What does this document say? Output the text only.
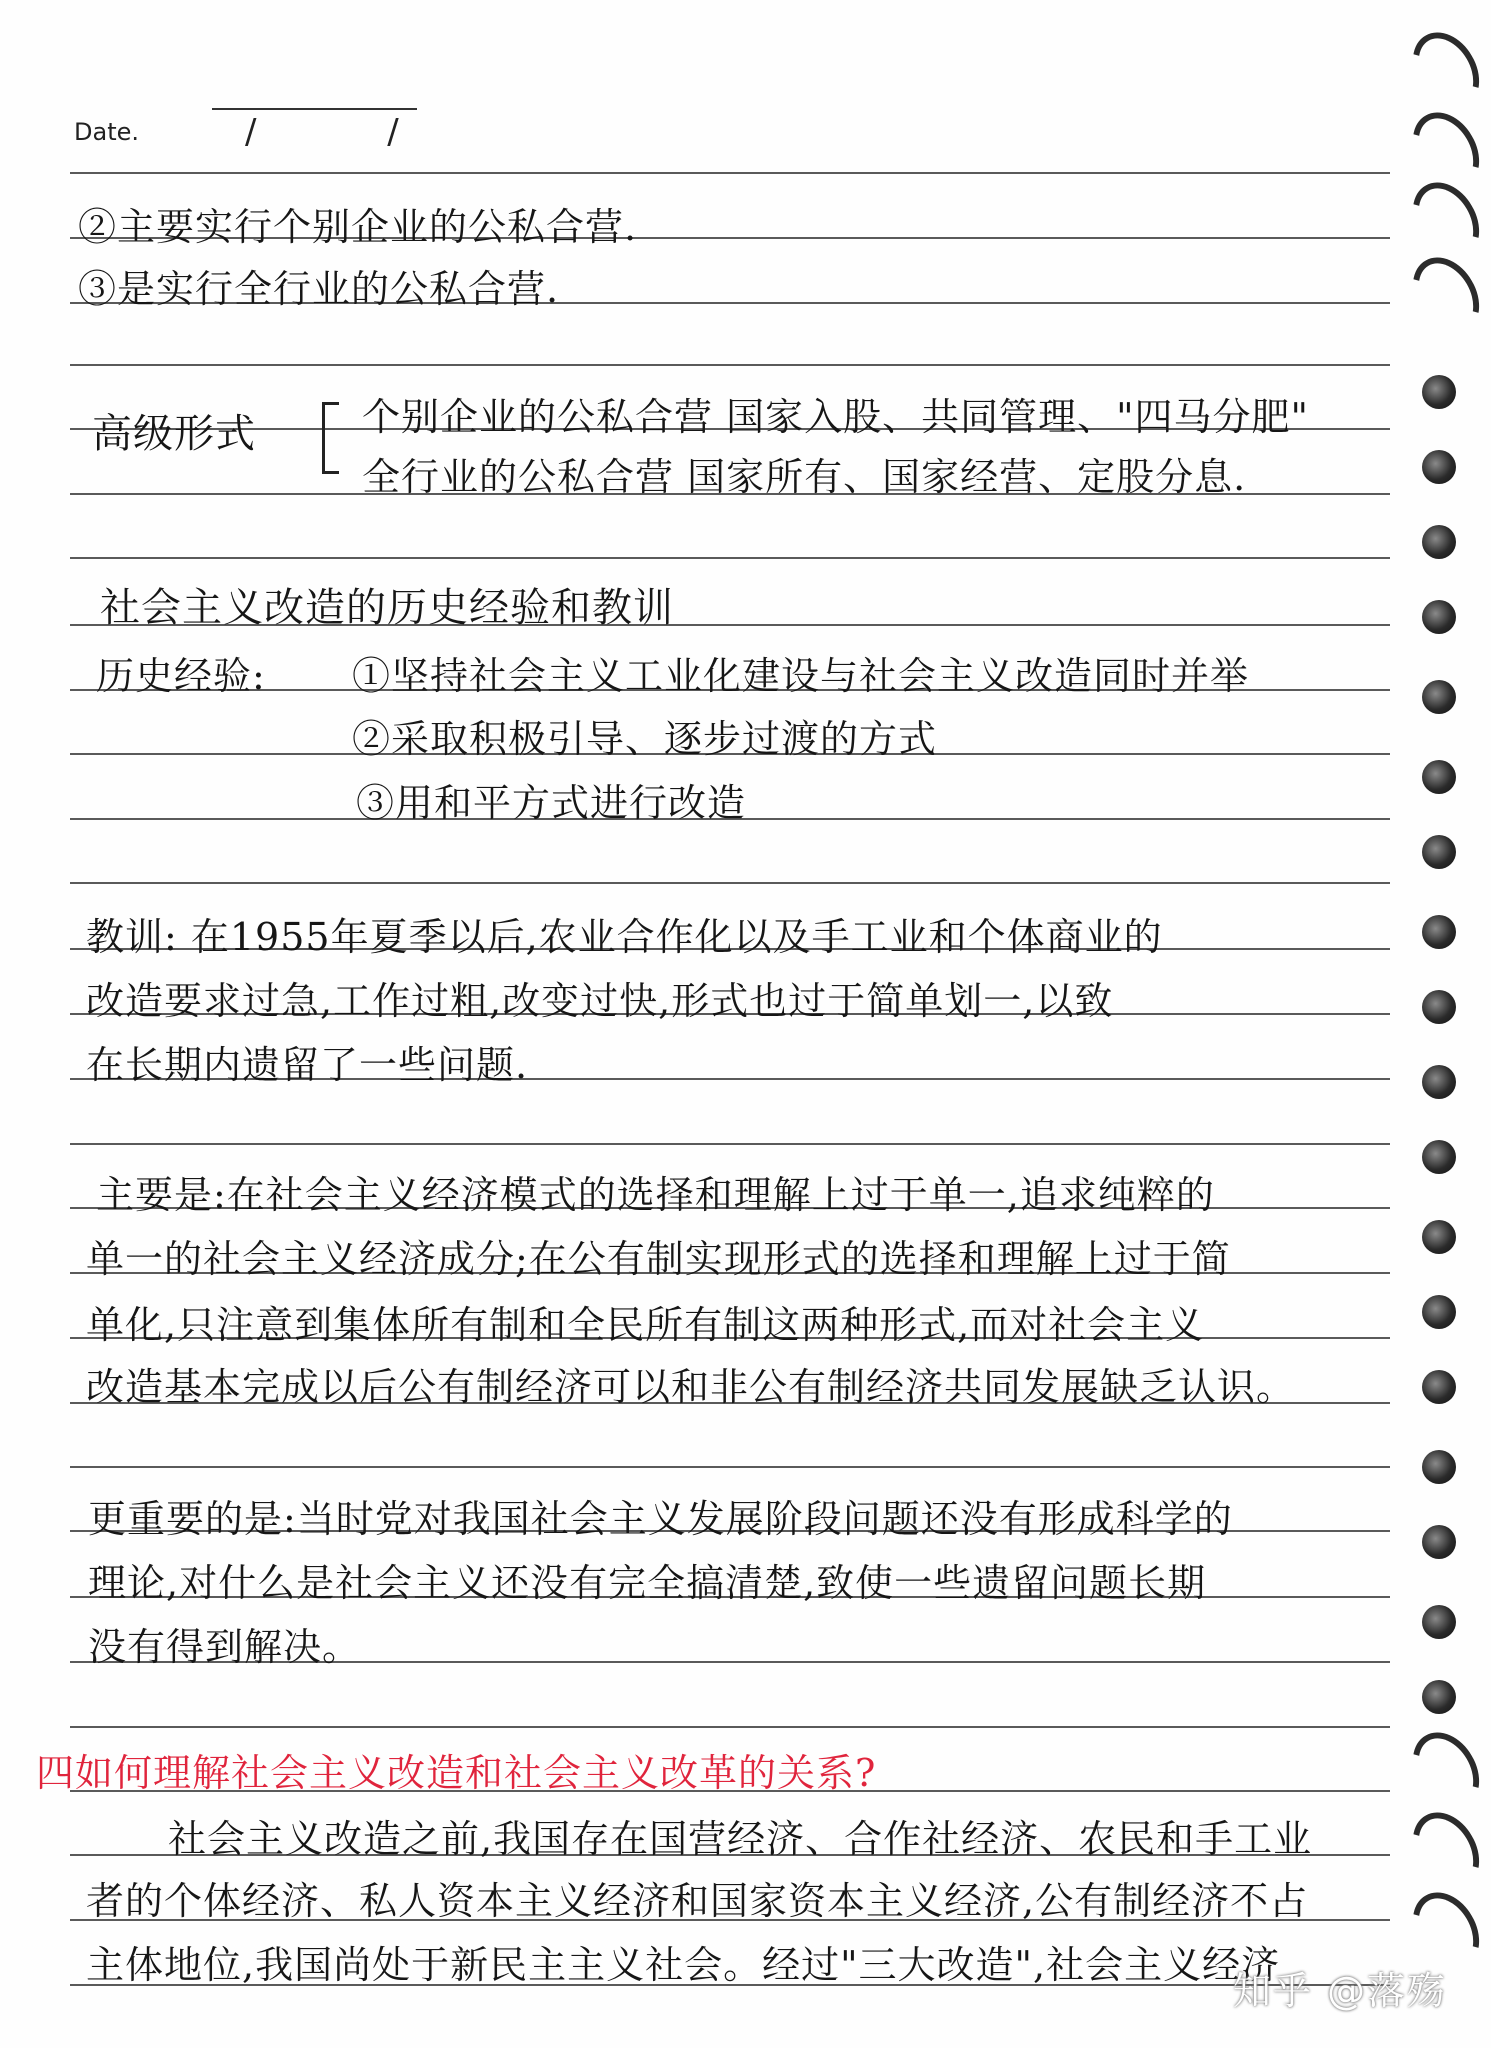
Date.	/ /
②主要实行个别企业的公私合营.
③是实行全行业的公私合营.
高级形式	个别企业的公私合营 国家入股、共同管理、"四马分肥"
全行业的公私合营 国家所有、国家经营、定股分息.
社会主义改造的历史经验和教训
历史经验: ①坚持社会主义工业化建设与社会主义改造同时并举
②采取积极引导、逐步过渡的方式
③用和平方式进行改造
教训: 在1955年夏季以后,农业合作化以及手工业和个体商业的
改造要求过急,工作过粗,改变过快,形式也过于简单划一,以致
在长期内遗留了一些问题.
主要是:在社会主义经济模式的选择和理解上过于单一,追求纯粹的
单一的社会主义经济成分;在公有制实现形式的选择和理解上过于简
单化,只注意到集体所有制和全民所有制这两种形式,而对社会主义
改造基本完成以后公有制经济可以和非公有制经济共同发展缺乏认识。
更重要的是:当时党对我国社会主义发展阶段问题还没有形成科学的
理论,对什么是社会主义还没有完全搞清楚,致使一些遗留问题长期
没有得到解决。
四如何理解社会主义改造和社会主义改革的关系?
社会主义改造之前,我国存在国营经济、合作社经济、农民和手工业
者的个体经济、私人资本主义经济和国家资本主义经济,公有制经济不占
主体地位,我国尚处于新民主主义社会。经过"三大改造",社会主义经济
知乎 @落殇
